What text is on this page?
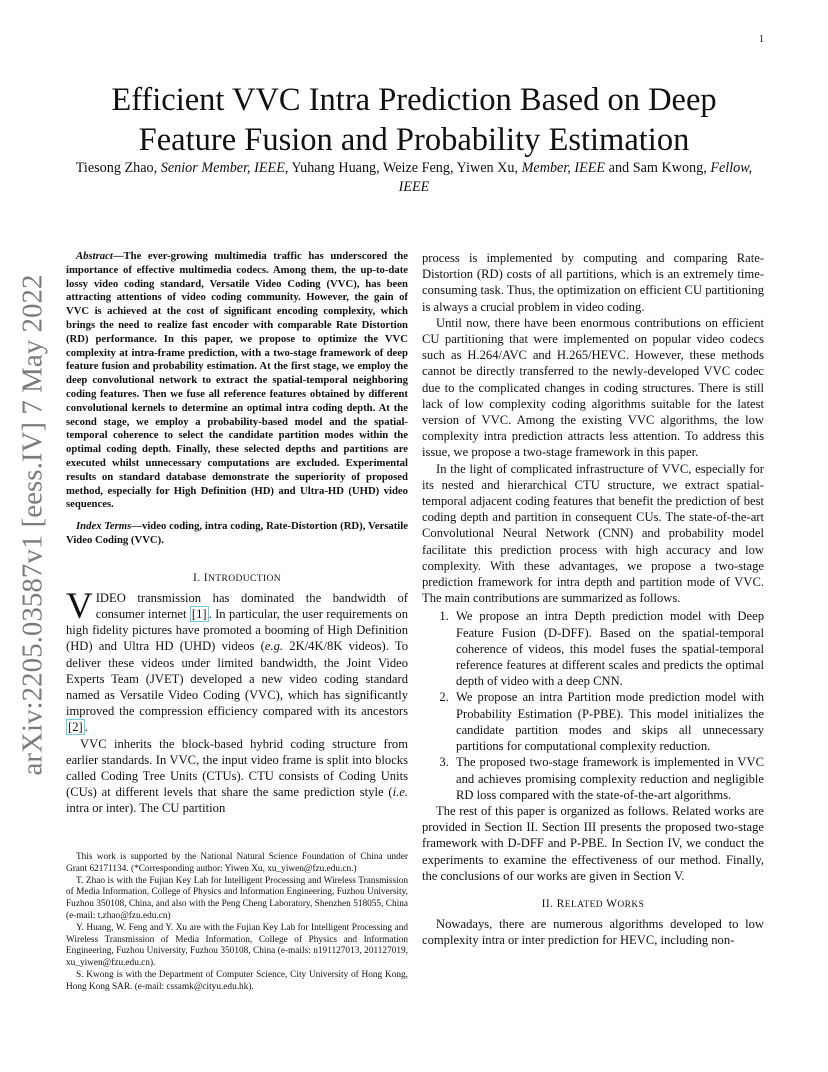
1
arXiv:2205.03587v1 [eess.IV] 7 May 2022
Efficient VVC Intra Prediction Based on Deep Feature Fusion and Probability Estimation

Tiesong Zhao, Senior Member, IEEE, Yuhang Huang, Weize Feng, Yiwen Xu, Member, IEEE and Sam Kwong, Fellow, IEEE

Abstract—The ever-growing multimedia traffic has underscored the importance of effective multimedia codecs. Among them, the up-to-date lossy video coding standard, Versatile Video Coding (VVC), has been attracting attentions of video coding community. However, the gain of VVC is achieved at the cost of significant encoding complexity, which brings the need to realize fast encoder with comparable Rate Distortion (RD) performance. In this paper, we propose to optimize the VVC complexity at intra-frame prediction, with a two-stage framework of deep feature fusion and probability estimation. At the first stage, we employ the deep convolutional network to extract the spatial-temporal neighboring coding features. Then we fuse all reference features obtained by different convolutional kernels to determine an optimal intra coding depth. At the second stage, we employ a probability-based model and the spatial-temporal coherence to select the candidate partition modes within the optimal coding depth. Finally, these selected depths and partitions are executed whilst unnecessary computations are excluded. Experimental results on standard database demonstrate the superiority of proposed method, especially for High Definition (HD) and Ultra-HD (UHD) video sequences.

Index Terms—video coding, intra coding, Rate-Distortion (RD), Versatile Video Coding (VVC).

I. INTRODUCTION

VIDEO transmission has dominated the bandwidth of consumer internet [1] . In particular, the user requirements on high fidelity pictures have promoted a booming of High Definition (HD) and Ultra HD (UHD) videos (e.g. 2K/4K/8K videos). To deliver these videos under limited bandwidth, the Joint Video Experts Team (JVET) developed a new video coding standard named as Versatile Video Coding (VVC), which has significantly improved the compression efficiency compared with its ancestors [2] .

VVC inherits the block-based hybrid coding structure from earlier standards. In VVC, the input video frame is split into blocks called Coding Tree Units (CTUs). CTU consists of Coding Units (CUs) at different levels that share the same prediction style (i.e. intra or inter). The CU partition

This work is supported by the National Natural Science Foundation of China under Grant 62171134. (*Corresponding author: Yiwen Xu, xu_yiwen@fzu.edu.cn.)

T. Zhao is with the Fujian Key Lab for Intelligent Processing and Wireless Transmission of Media Information, College of Physics and Information Engineering, Fuzhou University, Fuzhou 350108, China, and also with the Peng Cheng Laboratory, Shenzhen 518055, China (e-mail: t.zhao@fzu.edu.cn)

Y. Huang, W. Feng and Y. Xu are with the Fujian Key Lab for Intelligent Processing and Wireless Transmission of Media Information, College of Physics and Information Engineering, Fuzhou University, Fuzhou 350108, China (e-mails: n191127013, 201127019, xu_yiwen@fzu.edu.cn).

S. Kwong is with the Department of Computer Science, City University of Hong Kong, Hong Kong SAR. (e-mail: cssamk@cityu.edu.hk).

process is implemented by computing and comparing Rate-Distortion (RD) costs of all partitions, which is an extremely time-consuming task. Thus, the optimization on efficient CU partitioning is always a crucial problem in video coding.

Until now, there have been enormous contributions on efficient CU partitioning that were implemented on popular video codecs such as H.264/AVC and H.265/HEVC. However, these methods cannot be directly transferred to the newly-developed VVC codec due to the complicated changes in coding structures. There is still lack of low complexity coding algorithms suitable for the latest version of VVC. Among the existing VVC algorithms, the low complexity intra prediction attracts less attention. To address this issue, we propose a two-stage framework in this paper.

In the light of complicated infrastructure of VVC, especially for its nested and hierarchical CTU structure, we extract spatial-temporal adjacent coding features that benefit the prediction of best coding depth and partition in consequent CUs. The state-of-the-art Convolutional Neural Network (CNN) and probability model facilitate this prediction process with high accuracy and low complexity. With these advantages, we propose a two-stage prediction framework for intra depth and partition mode of VVC. The main contributions are summarized as follows.

1. We propose an intra Depth prediction model with Deep Feature Fusion (D-DFF). Based on the spatial-temporal coherence of videos, this model fuses the spatial-temporal reference features at different scales and predicts the optimal depth of video with a deep CNN.
2. We propose an intra Partition mode prediction model with Probability Estimation (P-PBE). This model initializes the candidate partition modes and skips all unnecessary partitions for computational complexity reduction.
3. The proposed two-stage framework is implemented in VVC and achieves promising complexity reduction and negligible RD loss compared with the state-of-the-art algorithms.

The rest of this paper is organized as follows. Related works are provided in Section II. Section III presents the proposed two-stage framework with D-DFF and P-PBE. In Section IV, we conduct the experiments to examine the effectiveness of our method. Finally, the conclusions of our works are given in Section V.

II. RELATED WORKS

Nowadays, there are numerous algorithms developed to low complexity intra or inter prediction for HEVC, including non-
